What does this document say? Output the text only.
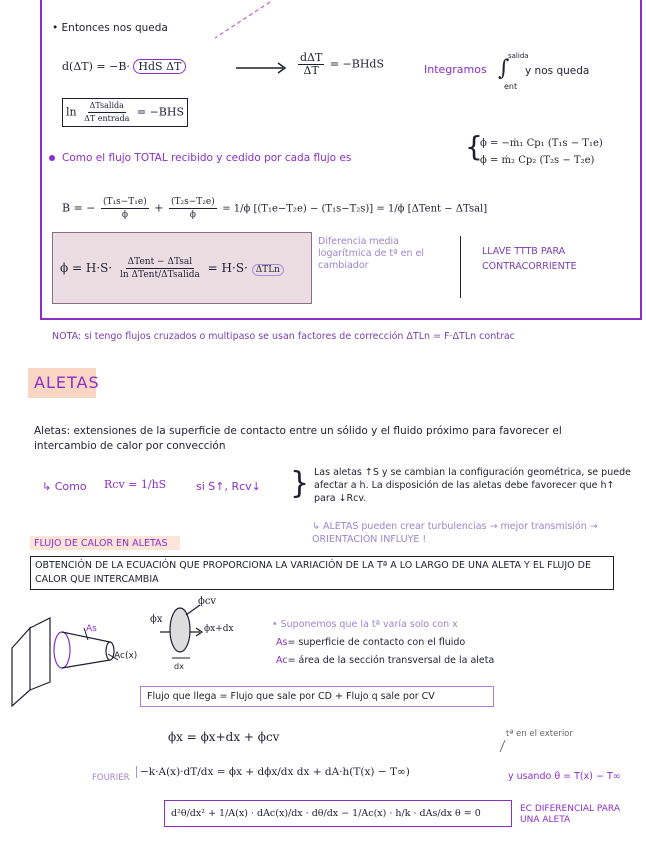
• Entonces nos queda
d(ΔT) = −B· HdS ΔT	$\frac{\text{dΔT}}{\Delta T}$ = −BHdS	Integramos ∫
salida
ent
y nos queda
$\ln \frac{\text{ΔTsalida}}{\text{ΔT entrada}} = -BHS$
Como el flujo TOTAL recibido y cedido por cada flujo es	{
ϕ = −ṁ₁ Cp₁ (T₁s − T₁e)
ϕ = ṁ₂ Cp₂ (T₂s − T₂e)
B = − $\frac{\text{(T₁s−T₁e)}}{\phi} + \frac{\text{(T₂s−T₂e)}}{\phi} = 1/\phi$ [(T₁e−T₂e) − (T₁s−T₂s)] = 1/ϕ [ΔTent − ΔTsal]
$\phi = H\cdot S\cdot \frac{\text{ΔTent − ΔTsal}}{\text{ln ΔTent/ΔTsalida}} = H\cdot S\cdot \Delta TLn$
Diferencia media logarítmica de tª en el cambiador
LLAVE TTTB PARA CONTRACORRIENTE
NOTA: si tengo flujos cruzados o multipaso se usan factores de corrección ΔTLn = F·ΔTLn contrac
ALETAS
Aletas: extensiones de la superficie de contacto entre un sólido y el fluido próximo para favorecer el intercambio de calor por convección
↳ Como Rcv = 1/hS	si S↑, Rcv↓ } Las aletas ↑S y se cambian la configuración geométrica, se puede afectar a h. La disposición de las aletas debe favorecer que h↑ para ↓Rcv.
↳ ALETAS pueden crear turbulencias → mejor transmisión → ORIENTACIÓN INFLUYE !
FLUJO DE CALOR EN ALETAS
OBTENCIÓN DE LA ECUACIÓN QUE PROPORCIONA LA VARIACIÓN DE LA Tª A LO LARGO DE UNA ALETA Y EL FLUJO DE CALOR QUE INTERCAMBIA
As
Ac(x)
ϕx
ϕcv
ϕx+dx
dx
• Suponemos que la tª varía solo con x
As= superficie de contacto con el fluido
Ac= área de la sección transversal de la aleta
Flujo que llega = Flujo que sale por CD + Flujo q sale por CV
ϕx = ϕx+dx + ϕcv	tª en el exterior
FOURIER	−k·A(x)·dT/dx = ϕx + dϕx/dx dx + dA·h(T(x) − T∞)	y usando θ = T(x) − T∞
d²θ/dx² + 1/A(x) · dAc(x)/dx · dθ/dx − 1/Ac(x) · h/k · dAs/dx θ = 0	EC DIFERENCIAL PARA UNA ALETA
